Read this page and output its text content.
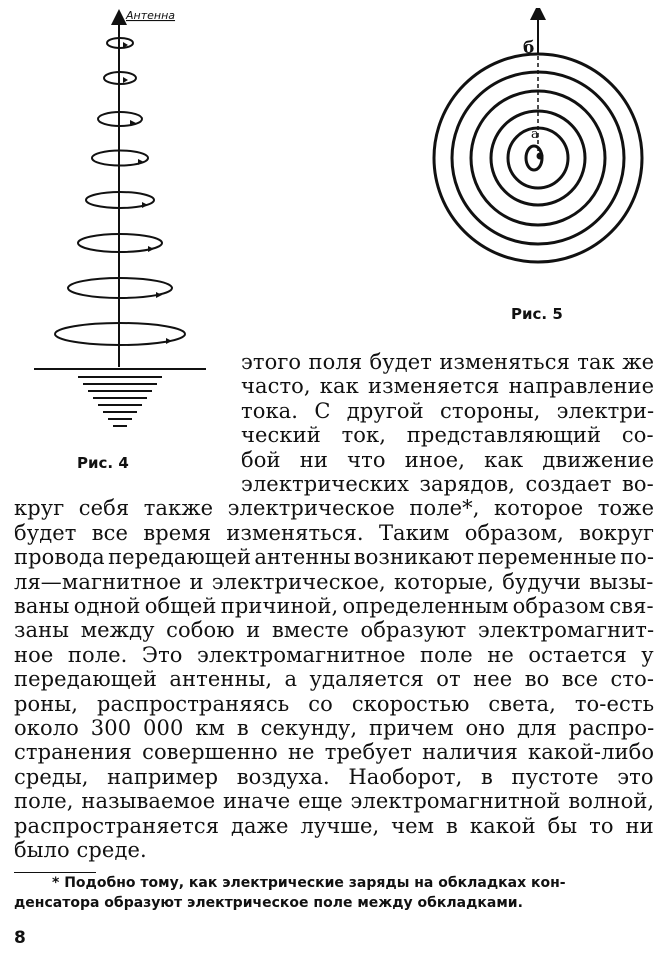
Антенна
Рис. 4
б
а
Рис. 5
этого поля будет изменяться так же
часто, как изменяется направление
тока. С другой стороны, электри-
ческий ток, представляющий со-
бой ни что иное, как движение
электрических зарядов, создает во-
круг себя также электрическое поле*, которое тоже
будет все время изменяться. Таким образом, вокруг
провода передающей антенны возникают переменные по-
ля—магнитное и электрическое, которые, будучи вызы-
ваны одной общей причиной, определенным образом свя-
заны между собою и вместе образуют электромагнит-
ное поле. Это электромагнитное поле не остается у
передающей антенны, а удаляется от нее во все сто-
роны, распространяясь со скоростью света, то-есть
около 300 000 км в секунду, причем оно для распро-
странения совершенно не требует наличия какой-либо
среды, например воздуха. Наоборот, в пустоте это
поле, называемое иначе еще электромагнитной волной,
распространяется даже лучше, чем в какой бы то ни
было среде.
* Подобно тому, как электрические заряды на обкладках кон-
денсатора образуют электрическое поле между обкладками.
8
